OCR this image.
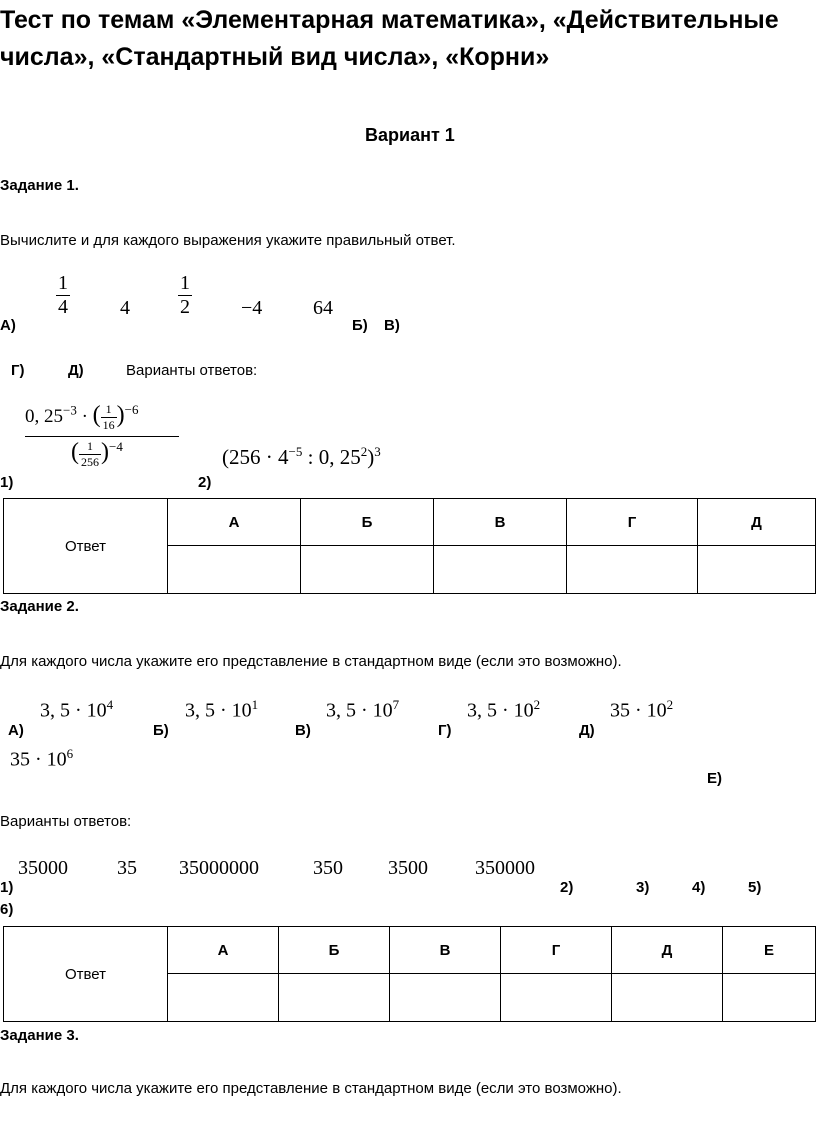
Тест по темам «Элементарная математика», «Действительные числа», «Стандартный вид числа», «Корни»
Вариант 1
Задание 1.
Вычислите и для каждого выражения укажите правильный ответ.
$\frac{1}{4}$	$4 \frac{1}{2} -4$	64
А)	Б) В)
Г)	Д)	Варианты ответов:
0, $25^{-3}$ · ( $\frac{1}{16} )^{-6}$
( $\frac{1}{256} )^{-4}$
1)	2)
($256 \cdot 4^{-5}$ : 0, $25^2)^3$
Ответ	А	Б	В	Г	Д

Задание 2.
Для каждого числа укажите его представление в стандартном виде (если это возможно).
3, $5 \cdot 10^4$	3, $5 \cdot 10^1$	3, $5 \cdot 10^7$	3, $5 \cdot 10^2$	$35 \cdot 10^2$
$35 \cdot 10^6$
А)	Б)	В)	Г)	Д)
Е)
Варианты ответов:
35000 35 35000000	350 3500 350000
1)	2)	3)	4)	5)
6)
Ответ	А	Б	В	Г	Д	Е

Задание 3.
Для каждого числа укажите его представление в стандартном виде (если это возможно).
